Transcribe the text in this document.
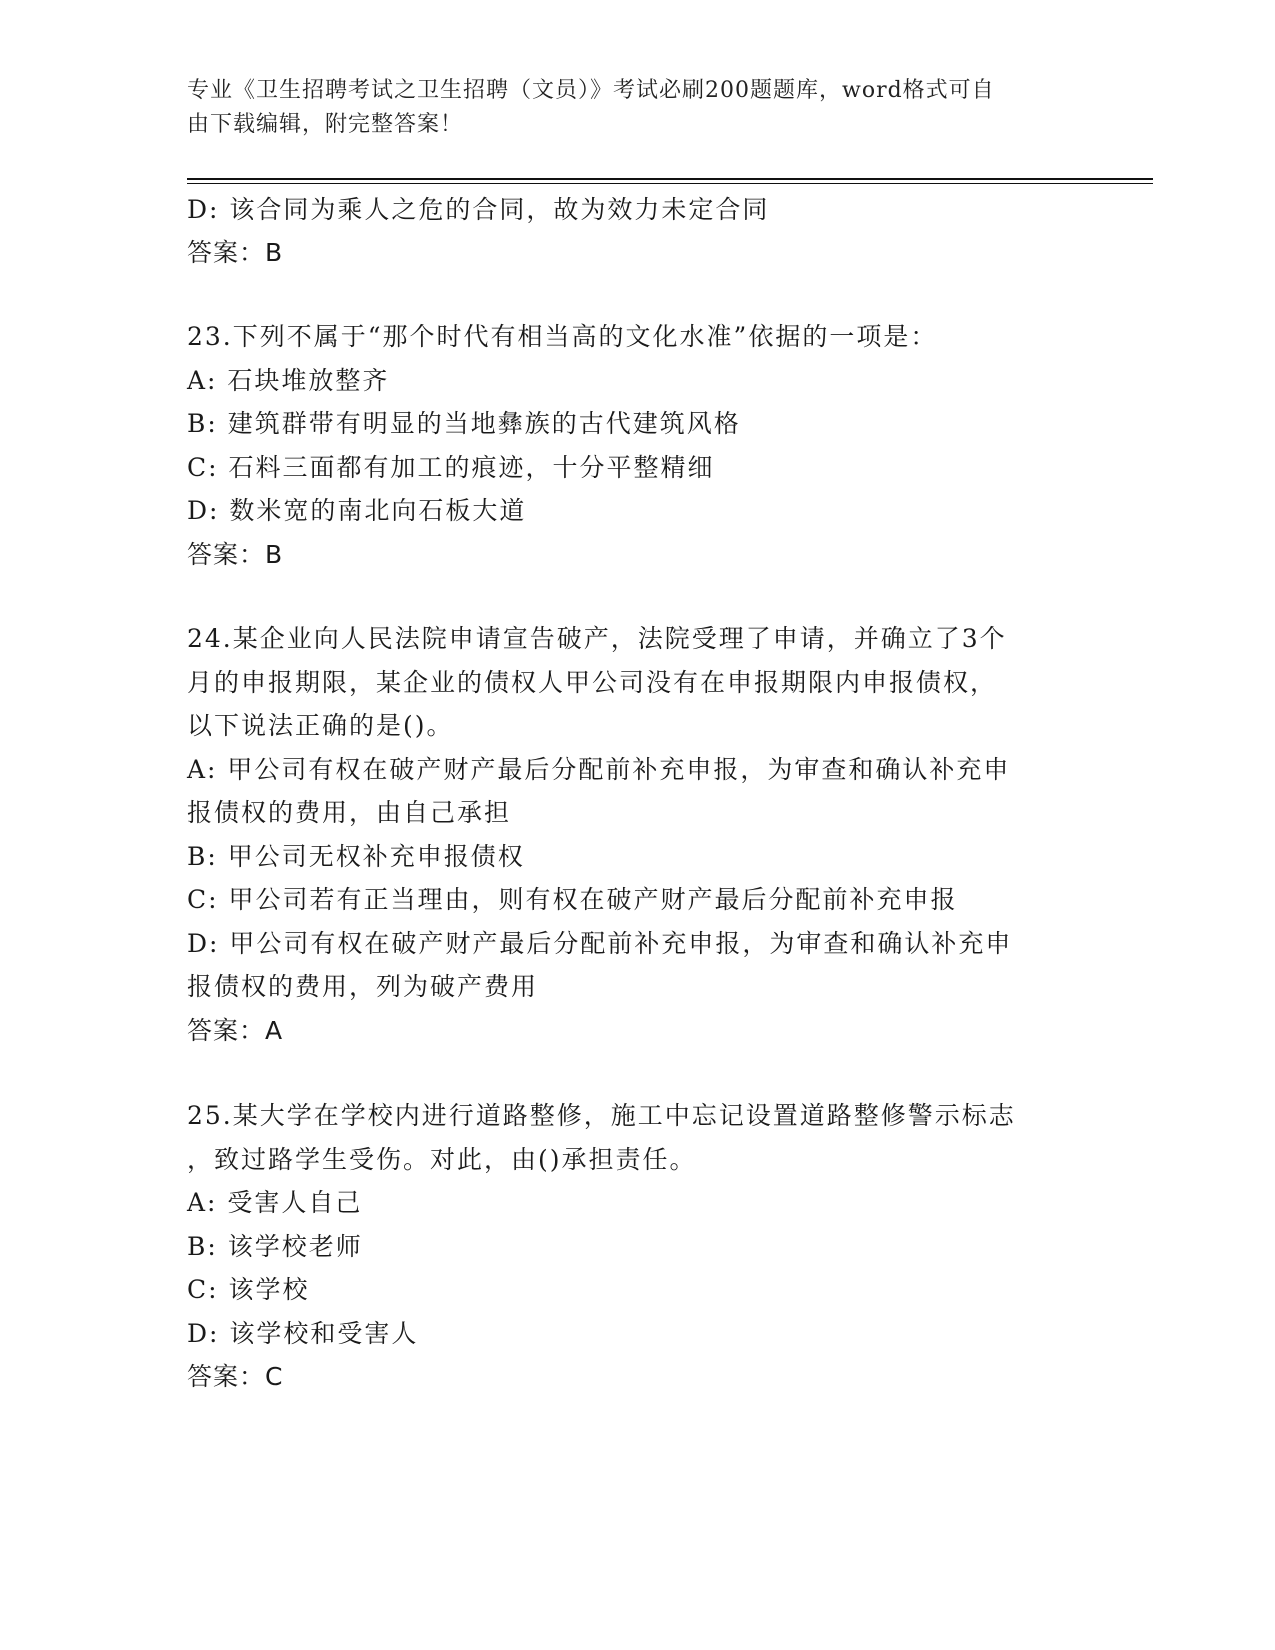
专业《卫生招聘考试之卫生招聘（文员）》考试必刷200题题库，word格式可自
由下载编辑，附完整答案！
D: 该合同为乘人之危的合同，故为效力未定合同
答案：B
23.下列不属于“那个时代有相当高的文化水准”依据的一项是：
A: 石块堆放整齐
B: 建筑群带有明显的当地彝族的古代建筑风格
C: 石料三面都有加工的痕迹，十分平整精细
D: 数米宽的南北向石板大道
答案：B
24.某企业向人民法院申请宣告破产，法院受理了申请，并确立了3个
月的申报期限，某企业的债权人甲公司没有在申报期限内申报债权，
以下说法正确的是()。
A: 甲公司有权在破产财产最后分配前补充申报，为审查和确认补充申
报债权的费用，由自己承担
B: 甲公司无权补充申报债权
C: 甲公司若有正当理由，则有权在破产财产最后分配前补充申报
D: 甲公司有权在破产财产最后分配前补充申报，为审查和确认补充申
报债权的费用，列为破产费用
答案：A
25.某大学在学校内进行道路整修，施工中忘记设置道路整修警示标志
，致过路学生受伤。对此，由()承担责任。
A: 受害人自己
B: 该学校老师
C: 该学校
D: 该学校和受害人
答案：C
